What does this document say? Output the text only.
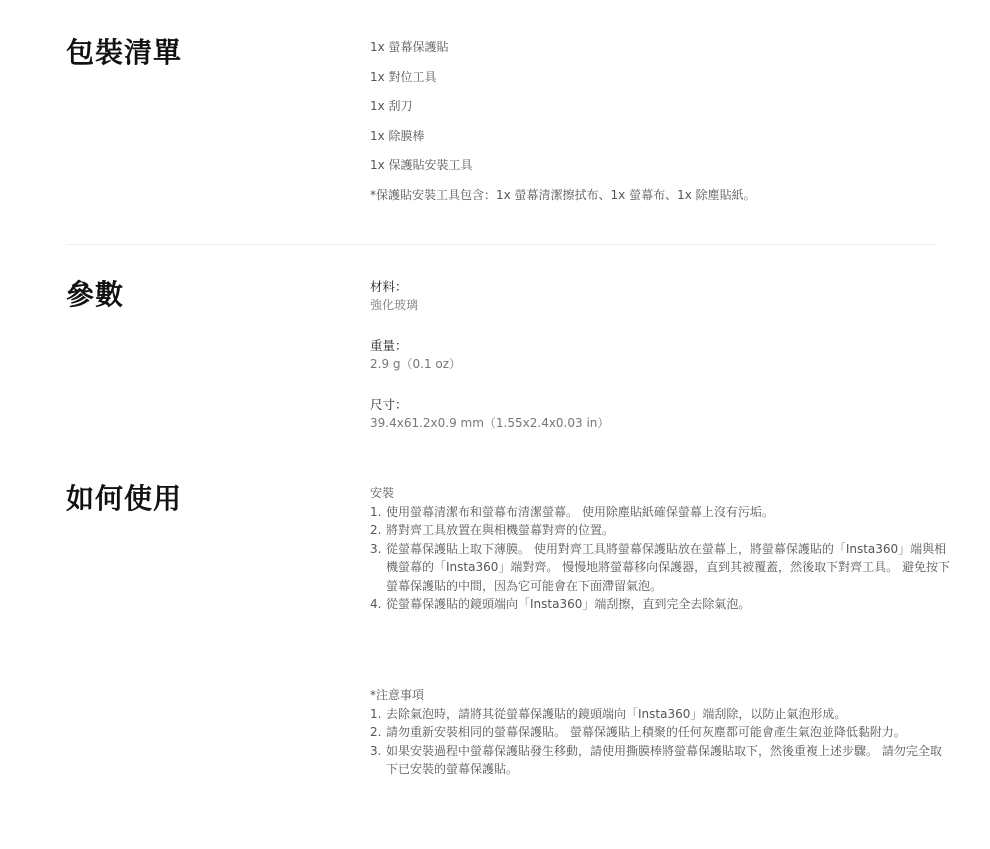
包裝清單	1x 螢幕保護貼
1x 對位工具
1x 刮刀
1x 除膜棒
1x 保護貼安裝工具
*保護貼安裝工具包含：1x 螢幕清潔擦拭布、1x 螢幕布、1x 除塵貼紙。
參數	材料：
強化玻璃
重量：
2.9 g（0.1 oz）
尺寸：
39.4x61.2x0.9 mm（1.55x2.4x0.03 in）
如何使用	安裝

1. 使用螢幕清潔布和螢幕布清潔螢幕。 使用除塵貼紙確保螢幕上沒有污垢。
2. 將對齊工具放置在與相機螢幕對齊的位置。
3. 從螢幕保護貼上取下薄膜。 使用對齊工具將螢幕保護貼放在螢幕上，將螢幕保護貼的「Insta360」端與相機螢幕的「Insta360」端對齊。 慢慢地將螢幕移向保護器，直到其被覆蓋，然後取下對齊工具。 避免按下螢幕保護貼的中間，因為它可能會在下面滯留氣泡。
4. 從螢幕保護貼的鏡頭端向「Insta360」端刮擦，直到完全去除氣泡。

*注意事項

1. 去除氣泡時，請將其從螢幕保護貼的鏡頭端向「Insta360」端刮除，以防止氣泡形成。
2. 請勿重新安裝相同的螢幕保護貼。 螢幕保護貼上積聚的任何灰塵都可能會產生氣泡並降低黏附力。
3. 如果安裝過程中螢幕保護貼發生移動，請使用撕膜棒將螢幕保護貼取下，然後重複上述步驟。 請勿完全取下已安裝的螢幕保護貼。
